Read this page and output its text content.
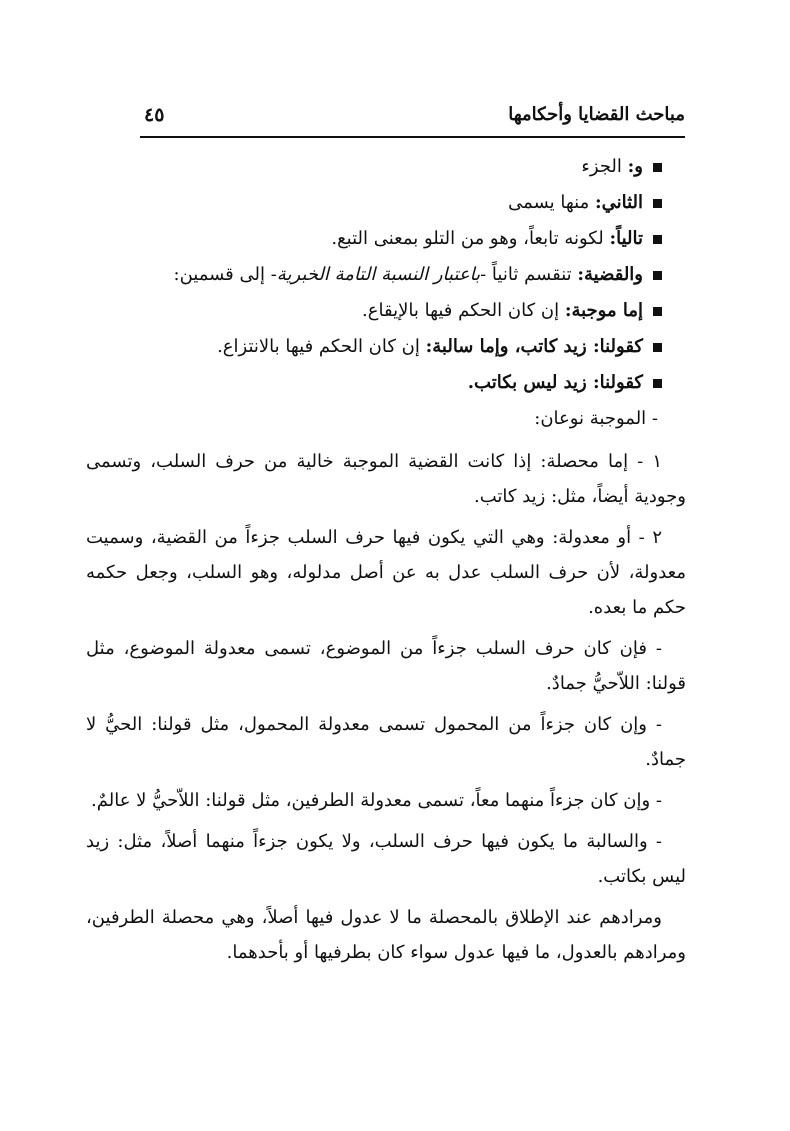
مباحث القضايا وأحكامها
٤٥
و: الجزء
الثاني: منها يسمى
تالياً: لكونه تابعاً، وهو من التلو بمعنى التبع.
والقضية: تنقسم ثانياً -باعتبار النسبة التامة الخبرية- إلى قسمين:
إما موجبة: إن كان الحكم فيها بالإيقاع.
كقولنا: زيد كاتب، وإما سالبة: إن كان الحكم فيها بالانتزاع.
كقولنا: زيد ليس بكاتب.
- الموجبة نوعان:

١ - إما محصلة: إذا كانت القضية الموجبة خالية من حرف السلب، وتسمى وجودية أيضاً، مثل: زيد كاتب.

٢ - أو معدولة: وهي التي يكون فيها حرف السلب جزءاً من القضية، وسميت معدولة، لأن حرف السلب عدل به عن أصل مدلوله، وهو السلب، وجعل حكمه حكم ما بعده.

- فإن كان حرف السلب جزءاً من الموضوع، تسمى معدولة الموضوع، مثل قولنا: اللاّحيُّ جمادٌ.

- وإن كان جزءاً من المحمول تسمى معدولة المحمول، مثل قولنا: الحيُّ لا جمادٌ.

- وإن كان جزءاً منهما معاً، تسمى معدولة الطرفين، مثل قولنا: اللاّحيُّ لا عالمٌ.

- والسالبة ما يكون فيها حرف السلب، ولا يكون جزءاً منهما أصلاً، مثل: زيد ليس بكاتب.

ومرادهم عند الإطلاق بالمحصلة ما لا عدول فيها أصلاً، وهي محصلة الطرفين، ومرادهم بالعدول، ما فيها عدول سواء كان بطرفيها أو بأحدهما.
